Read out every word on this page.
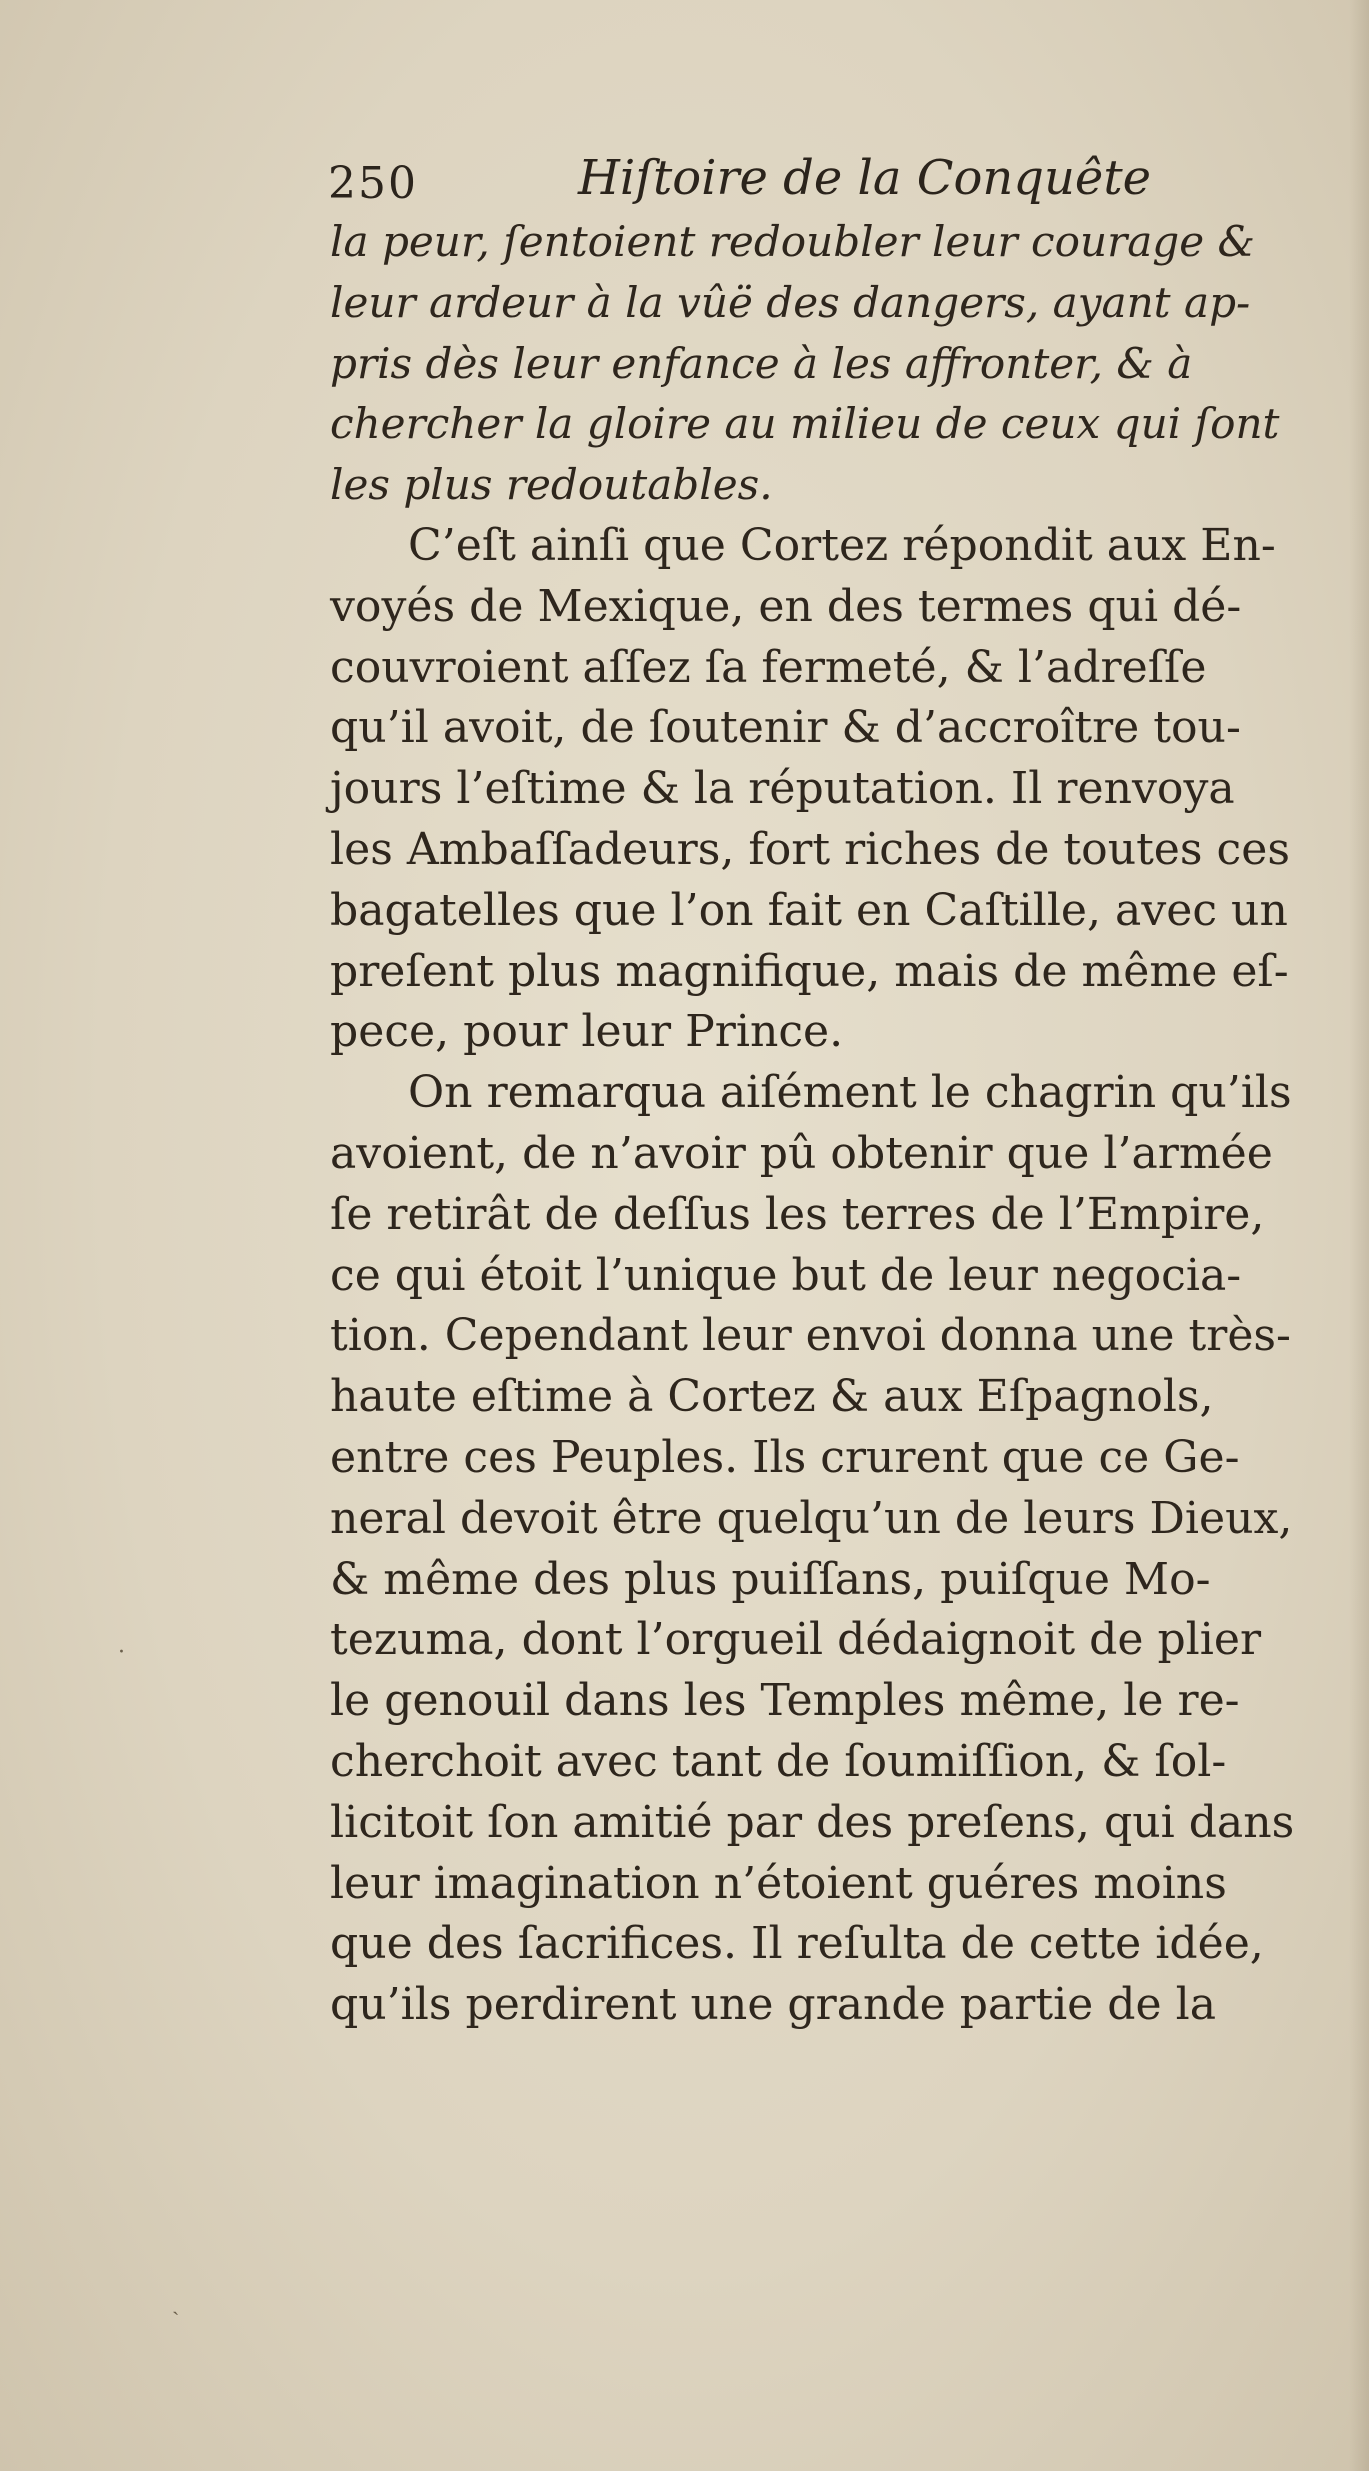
250	Hiſtoire de la Conquête
la peur, ſentoient redoubler leur courage &
leur ardeur à la vûë des dangers, ayant ap-
pris dès leur enfance à les affronter, & à
chercher la gloire au milieu de ceux qui ſont
les plus redoutables.
C’eſt ainſi que Cortez répondit aux En-
voyés de Mexique, en des termes qui dé-
couvroient aſſez ſa fermeté, & l’adreſſe
qu’il avoit, de ſoutenir & d’accroître tou-
jours l’eſtime & la réputation. Il renvoya
les Ambaſſadeurs, fort riches de toutes ces
bagatelles que l’on fait en Caſtille, avec un
preſent plus magnifique, mais de même eſ-
pece, pour leur Prince.
On remarqua aiſément le chagrin qu’ils
avoient, de n’avoir pû obtenir que l’armée
ſe retirât de deſſus les terres de l’Empire,
ce qui étoit l’unique but de leur negocia-
tion. Cependant leur envoi donna une très-
haute eſtime à Cortez & aux Eſpagnols,
entre ces Peuples. Ils crurent que ce Ge-
neral devoit être quelqu’un de leurs Dieux,
& même des plus puiſſans, puiſque Mo-
tezuma, dont l’orgueil dédaignoit de plier
le genouil dans les Temples même, le re-
cherchoit avec tant de ſoumiſſion, & ſol-
licitoit ſon amitié par des preſens, qui dans
leur imagination n’étoient guéres moins
que des ſacrifices. Il reſulta de cette idée,
qu’ils perdirent une grande partie de la
·
ˎ
